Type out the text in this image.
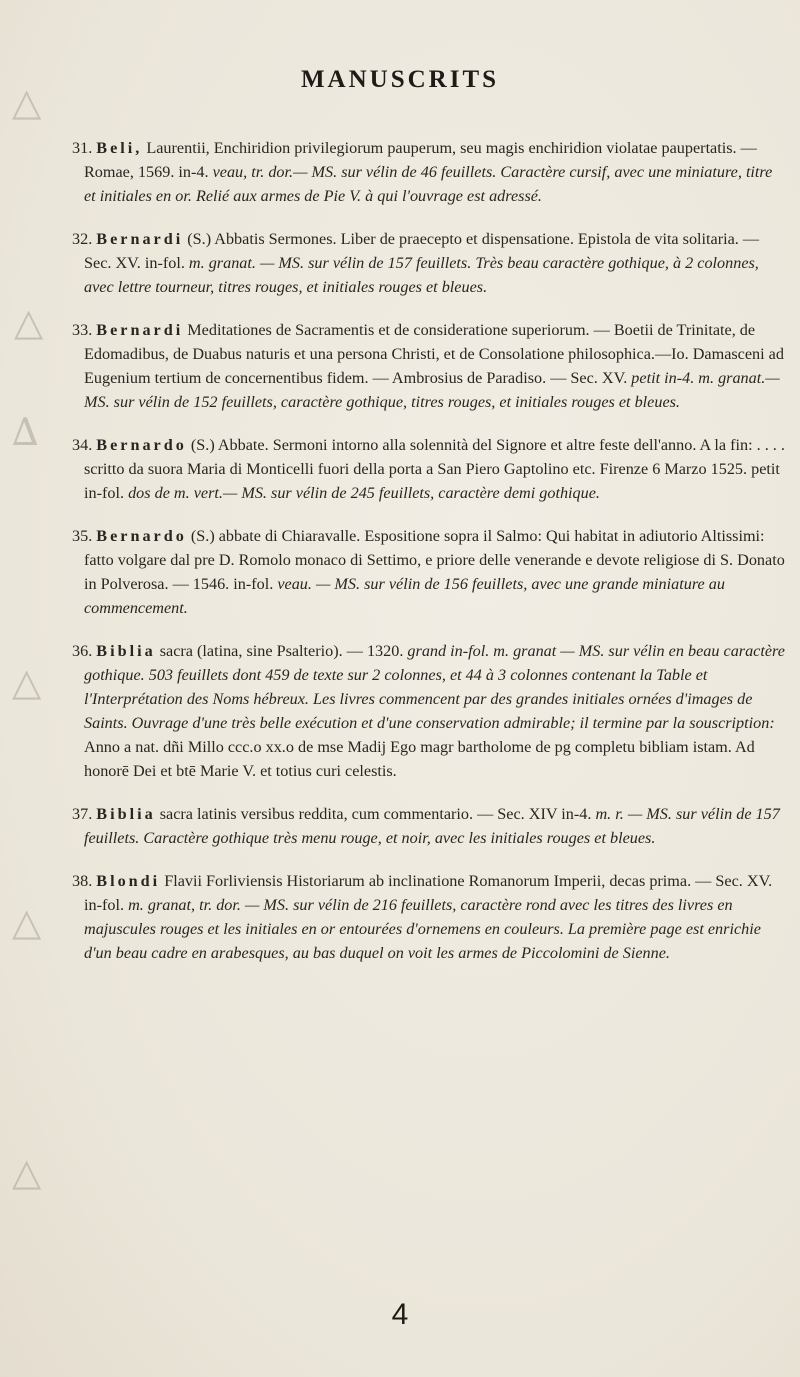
△
△
∆
△
△
△
MANUSCRITS

31. Beli, Laurentii, Enchiridion privilegiorum pauperum, seu magis enchiridion violatae paupertatis. — Romae, 1569. in-4. veau, tr. dor.— MS. sur vélin de 46 feuillets. Caractère cursif, avec une miniature, titre et initiales en or. Relié aux armes de Pie V. à qui l'ouvrage est adressé.

32. Bernardi (S.) Abbatis Sermones. Liber de praecepto et dispensatione. Epistola de vita solitaria. — Sec. XV. in-fol. m. granat. — MS. sur vélin de 157 feuillets. Très beau caractère gothique, à 2 colonnes, avec lettre tourneur, titres rouges, et initiales rouges et bleues.

33. Bernardi Meditationes de Sacramentis et de consideratione superiorum. — Boetii de Trinitate, de Edomadibus, de Duabus naturis et una persona Christi, et de Consolatione philosophica.—Io. Damasceni ad Eugenium tertium de concernentibus fidem. — Ambrosius de Paradiso. — Sec. XV. petit in-4. m. granat.—MS. sur vélin de 152 feuillets, caractère gothique, titres rouges, et initiales rouges et bleues.

34. Bernardo (S.) Abbate. Sermoni intorno alla solennità del Signore et altre feste dell'anno. A la fin: . . . . scritto da suora Maria di Monticelli fuori della porta a San Piero Gaptolino etc. Firenze 6 Marzo 1525. petit in-fol. dos de m. vert.— MS. sur vélin de 245 feuillets, caractère demi gothique.

35. Bernardo (S.) abbate di Chiaravalle. Espositione sopra il Salmo: Qui habitat in adiutorio Altissimi: fatto volgare dal pre D. Romolo monaco di Settimo, e priore delle venerande e devote religiose di S. Donato in Polverosa. — 1546. in-fol. veau. — MS. sur vélin de 156 feuillets, avec une grande miniature au commencement.

36. Biblia sacra (latina, sine Psalterio). — 1320. grand in-fol. m. granat — MS. sur vélin en beau caractère gothique. 503 feuillets dont 459 de texte sur 2 colonnes, et 44 à 3 colonnes contenant la Table et l'Interprétation des Noms hébreux. Les livres commencent par des grandes initiales ornées d'images de Saints. Ouvrage d'une très belle exécution et d'une conservation admirable; il termine par la souscription: Anno a nat. dñi Millo ccc.o xx.o de mse Madij Ego magr bartholome de pg completu bibliam istam. Ad honorē Dei et btē Marie V. et totius curi celestis.

37. Biblia sacra latinis versibus reddita, cum commentario. — Sec. XIV in-4. m. r. — MS. sur vélin de 157 feuillets. Caractère gothique très menu rouge, et noir, avec les initiales rouges et bleues.

38. Blondi Flavii Forliviensis Historiarum ab inclinatione Romanorum Imperii, decas prima. — Sec. XV. in-fol. m. granat, tr. dor. — MS. sur vélin de 216 feuillets, caractère rond avec les titres des livres en majuscules rouges et les initiales en or entourées d'ornemens en couleurs. La première page est enrichie d'un beau cadre en arabesques, au bas duquel on voit les armes de Piccolomini de Sienne.

4
